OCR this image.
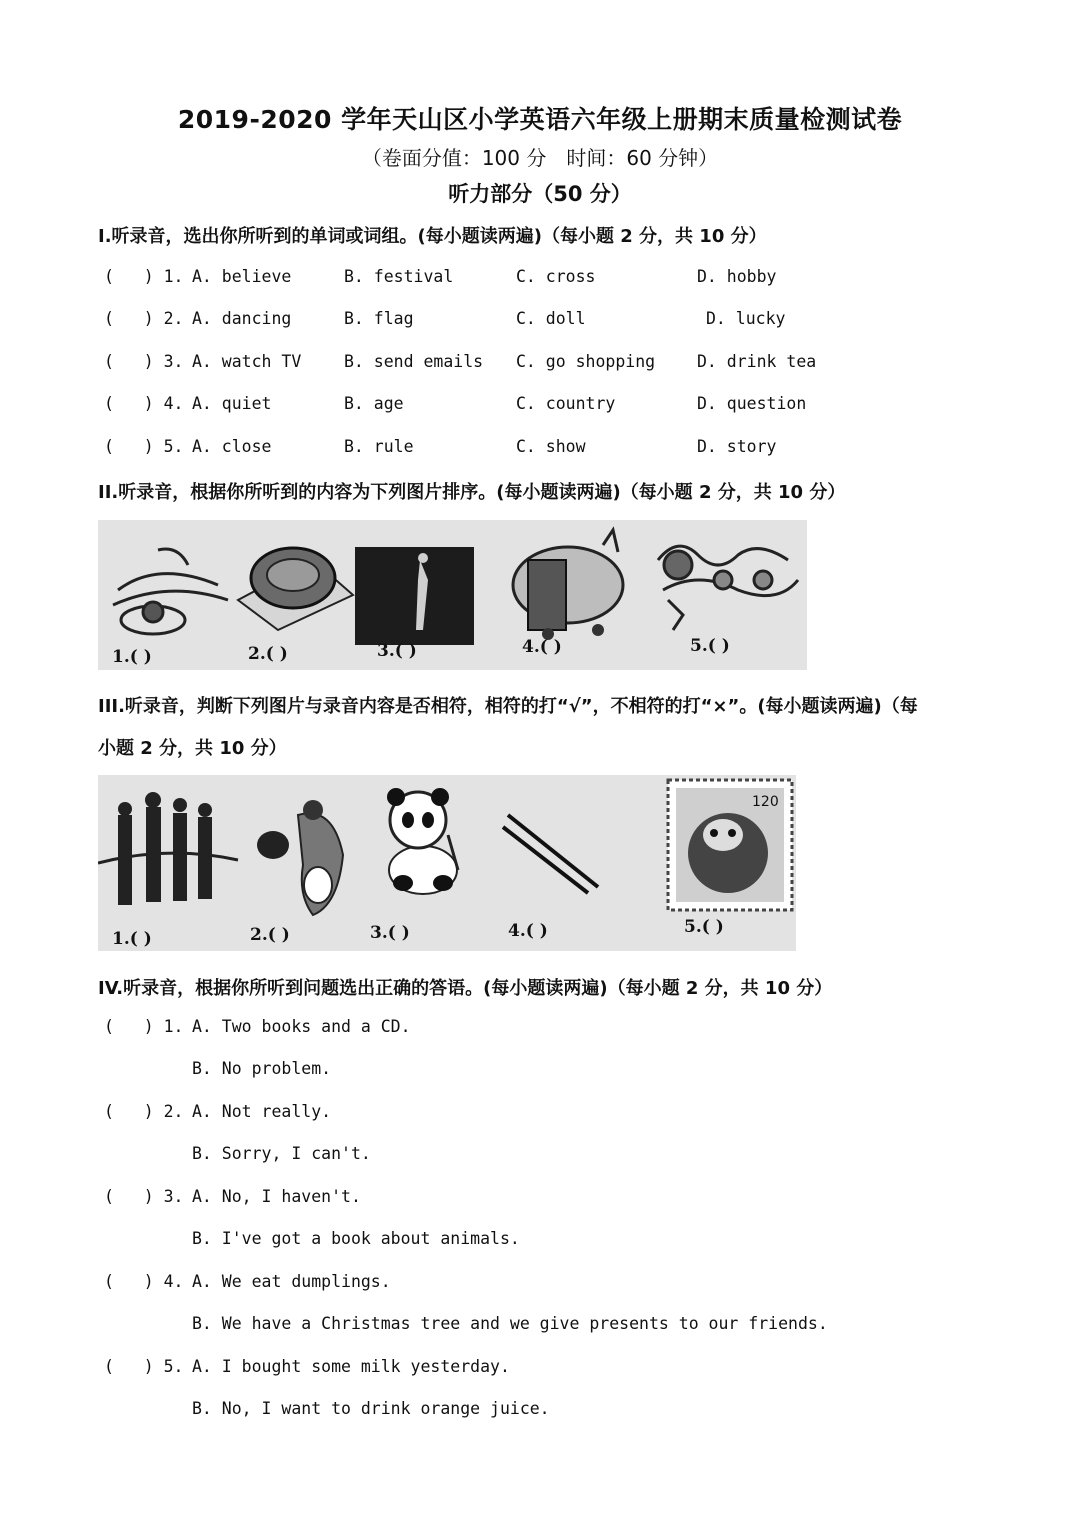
2019-2020 学年天山区小学英语六年级上册期末质量检测试卷
（卷面分值：100 分　时间：60 分钟）
听力部分（50 分）
I.听录音，选出你所听到的单词或词组。(每小题读两遍)（每小题 2 分，共 10 分）

(   ) 1.

A. believe

	B. festival

	C. cross

	D. hobby

(   ) 2.

A. dancing

	B. flag

	C. doll

	D. lucky

(   ) 3.

A. watch TV

	B. send emails

C. go shopping

	D. drink tea

(   ) 4.

A. quiet

	B. age

	C. country

	D. question

(   ) 5.

A. close

	B. rule

	C. show

	D. story

II.听录音，根据你所听到的内容为下列图片排序。(每小题读两遍)（每小题 2 分，共 10 分）
1.( )	2.( )	3.( )	4.( )	5.( )
III.听录音，判断下列图片与录音内容是否相符，相符的打“√”，不相符的打“×”。(每小题读两遍)（每
小题 2 分，共 10 分）
120
1.( )	2.( )	3.( )	4.( )	5.( )
IV.听录音，根据你所听到问题选出正确的答语。(每小题读两遍)（每小题 2 分，共 10 分）

(   ) 1.

A. Two books and a CD.

B. No problem.

(   ) 2.

A. Not really.

B. Sorry, I can't.

(   ) 3.

A. No, I haven't.

B. I've got a book about animals.

(   ) 4.

A. We eat dumplings.

B. We have a Christmas tree and we give presents to our friends.

(   ) 5.

A. I bought some milk yesterday.

B. No, I want to drink orange juice.
